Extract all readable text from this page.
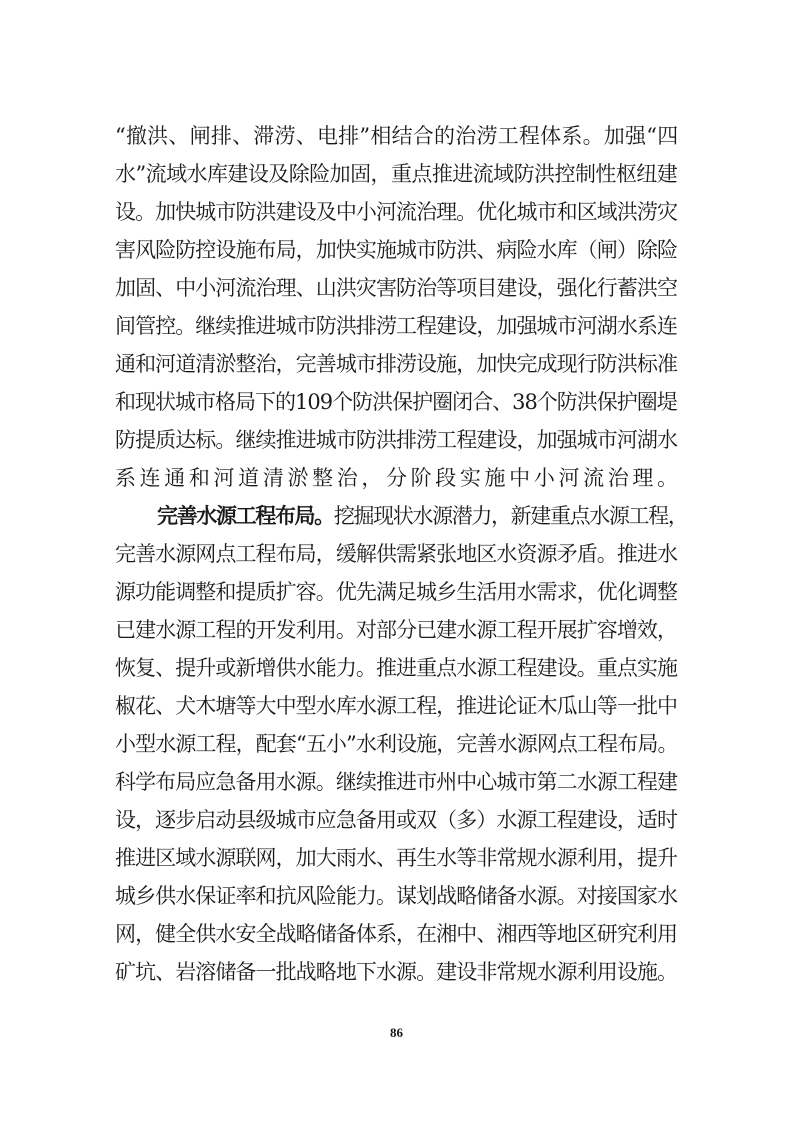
“撤洪、闸排、滞涝、电排”相结合的治涝工程体系。加强“四
水”流域水库建设及除险加固，重点推进流域防洪控制性枢纽建
设。加快城市防洪建设及中小河流治理。优化城市和区域洪涝灾
害风险防控设施布局，加快实施城市防洪、病险水库（闸）除险
加固、中小河流治理、山洪灾害防治等项目建设，强化行蓄洪空
间管控。继续推进城市防洪排涝工程建设，加强城市河湖水系连
通和河道清淤整治，完善城市排涝设施，加快完成现行防洪标准
和现状城市格局下的109个防洪保护圈闭合、38个防洪保护圈堤
防提质达标。继续推进城市防洪排涝工程建设，加强城市河湖水
系连通和河道清淤整治，分阶段实施中小河流治理。
完善水源工程布局。挖掘现状水源潜力，新建重点水源工程，
完善水源网点工程布局，缓解供需紧张地区水资源矛盾。推进水
源功能调整和提质扩容。优先满足城乡生活用水需求，优化调整
已建水源工程的开发利用。对部分已建水源工程开展扩容增效，
恢复、提升或新增供水能力。推进重点水源工程建设。重点实施
椒花、犬木塘等大中型水库水源工程，推进论证木瓜山等一批中
小型水源工程，配套“五小”水利设施，完善水源网点工程布局。
科学布局应急备用水源。继续推进市州中心城市第二水源工程建
设，逐步启动县级城市应急备用或双（多）水源工程建设，适时
推进区域水源联网，加大雨水、再生水等非常规水源利用，提升
城乡供水保证率和抗风险能力。谋划战略储备水源。对接国家水
网，健全供水安全战略储备体系，在湘中、湘西等地区研究利用
矿坑、岩溶储备一批战略地下水源。建设非常规水源利用设施。
86
